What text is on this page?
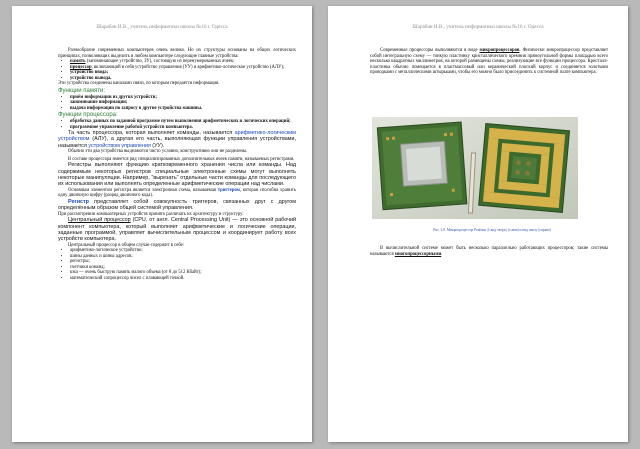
Шарабан И.В., учитель информатики школы №16 г. Одесса

Разнообразие современных компьютеров очень велико. Но их структуры основаны на общих логических принципах, позволяющих выделить в любом компьютере следующие главные устройства:

• память (запоминающее устройство, ЗУ), состоящую из перенумерованных ячеек;
• процессор, включающий в себя устройство управления (УУ) и арифметико-логическое устройство (АЛУ);
• устройство ввода;
• устройство вывода.

Эти устройства соединены каналами связи, по которым передается информация.

Функции памяти:
• приём информации из других устройств;
• запоминание информации;
• выдача информации по запросу в другие устройства машины.
Функции процессора:
• обработка данных по заданной программе путем выполнения арифметических и логических операций;
• программное управление работой устройств компьютера.

Та часть процессора, которая выполняет команды, называется арифметико-логическим устройством (АЛУ), а другая его часть, выполняющая функции управления устройствами, называется устройством управления (УУ).

Обычно эти два устройства выделяются чисто условно, конструктивно они не разделены.

В составе процессора имеется ряд специализированных дополнительных ячеек памяти, называемых регистрами.

Регистры выполняют функцию кратковременного хранения числа или команды. Над содержимым некоторых регистров специальные электронные схемы могут выполнять некоторые манипуляции. Например, "вырезать" отдельные части команды для последующего их использования или выполнять определенные арифметические операции над числами.

Основным элементом регистра является электронная схема, называемая триггером, которая способна хранить одну двоичную цифру (разряд двоичного кода).

Регистр представляет собой совокупность триггеров, связанных друг с другом определённым образом общей системой управления.

При рассмотрении компьютерных устройств принято различать их архитектуру и структуру:

Центральный процессор (CPU, от англ. Central Processing Unit) — это основной рабочий компонент компьютера, который выполняет арифметические и логические операции, заданные программой, управляет вычислительным процессом и координирует работу всех устройств компьютера.

Центральный процессор в общем случае содержит в себе:

• арифметико-логическое устройство;
• шины данных и шины адресов;
• регистры;
• счетчики команд;
• кэш — очень быструю память малого объема (от 8 до 512 Кбайт);
• математический сопроцессор чисел с плавающей точкой.
Шарабан И.В., учитель информатики школы №16 г. Одесса

Современные процессоры выполняются в виде микропроцессоров. Физически микропроцессор представляет собой интегральную схему — тонкую пластинку кристаллического кремния прямоугольной формы площадью всего несколько квадратных миллиметров, на которой размещены схемы, реализующие все функции процессора. Кристалл-пластинка обычно помещается в пластмассовый или керамический плоский корпус и соединяется золотыми проводками с металлическими штырьками, чтобы его можно было присоединить к системной плате компьютера.

Рис. 2.8. Микропроцессор Pentium 4: вид сверху (слева) и вид снизу (справа)

В вычислительной системе может быть несколько параллельно работающих процессоров; такие системы называются многопроцессорными.
